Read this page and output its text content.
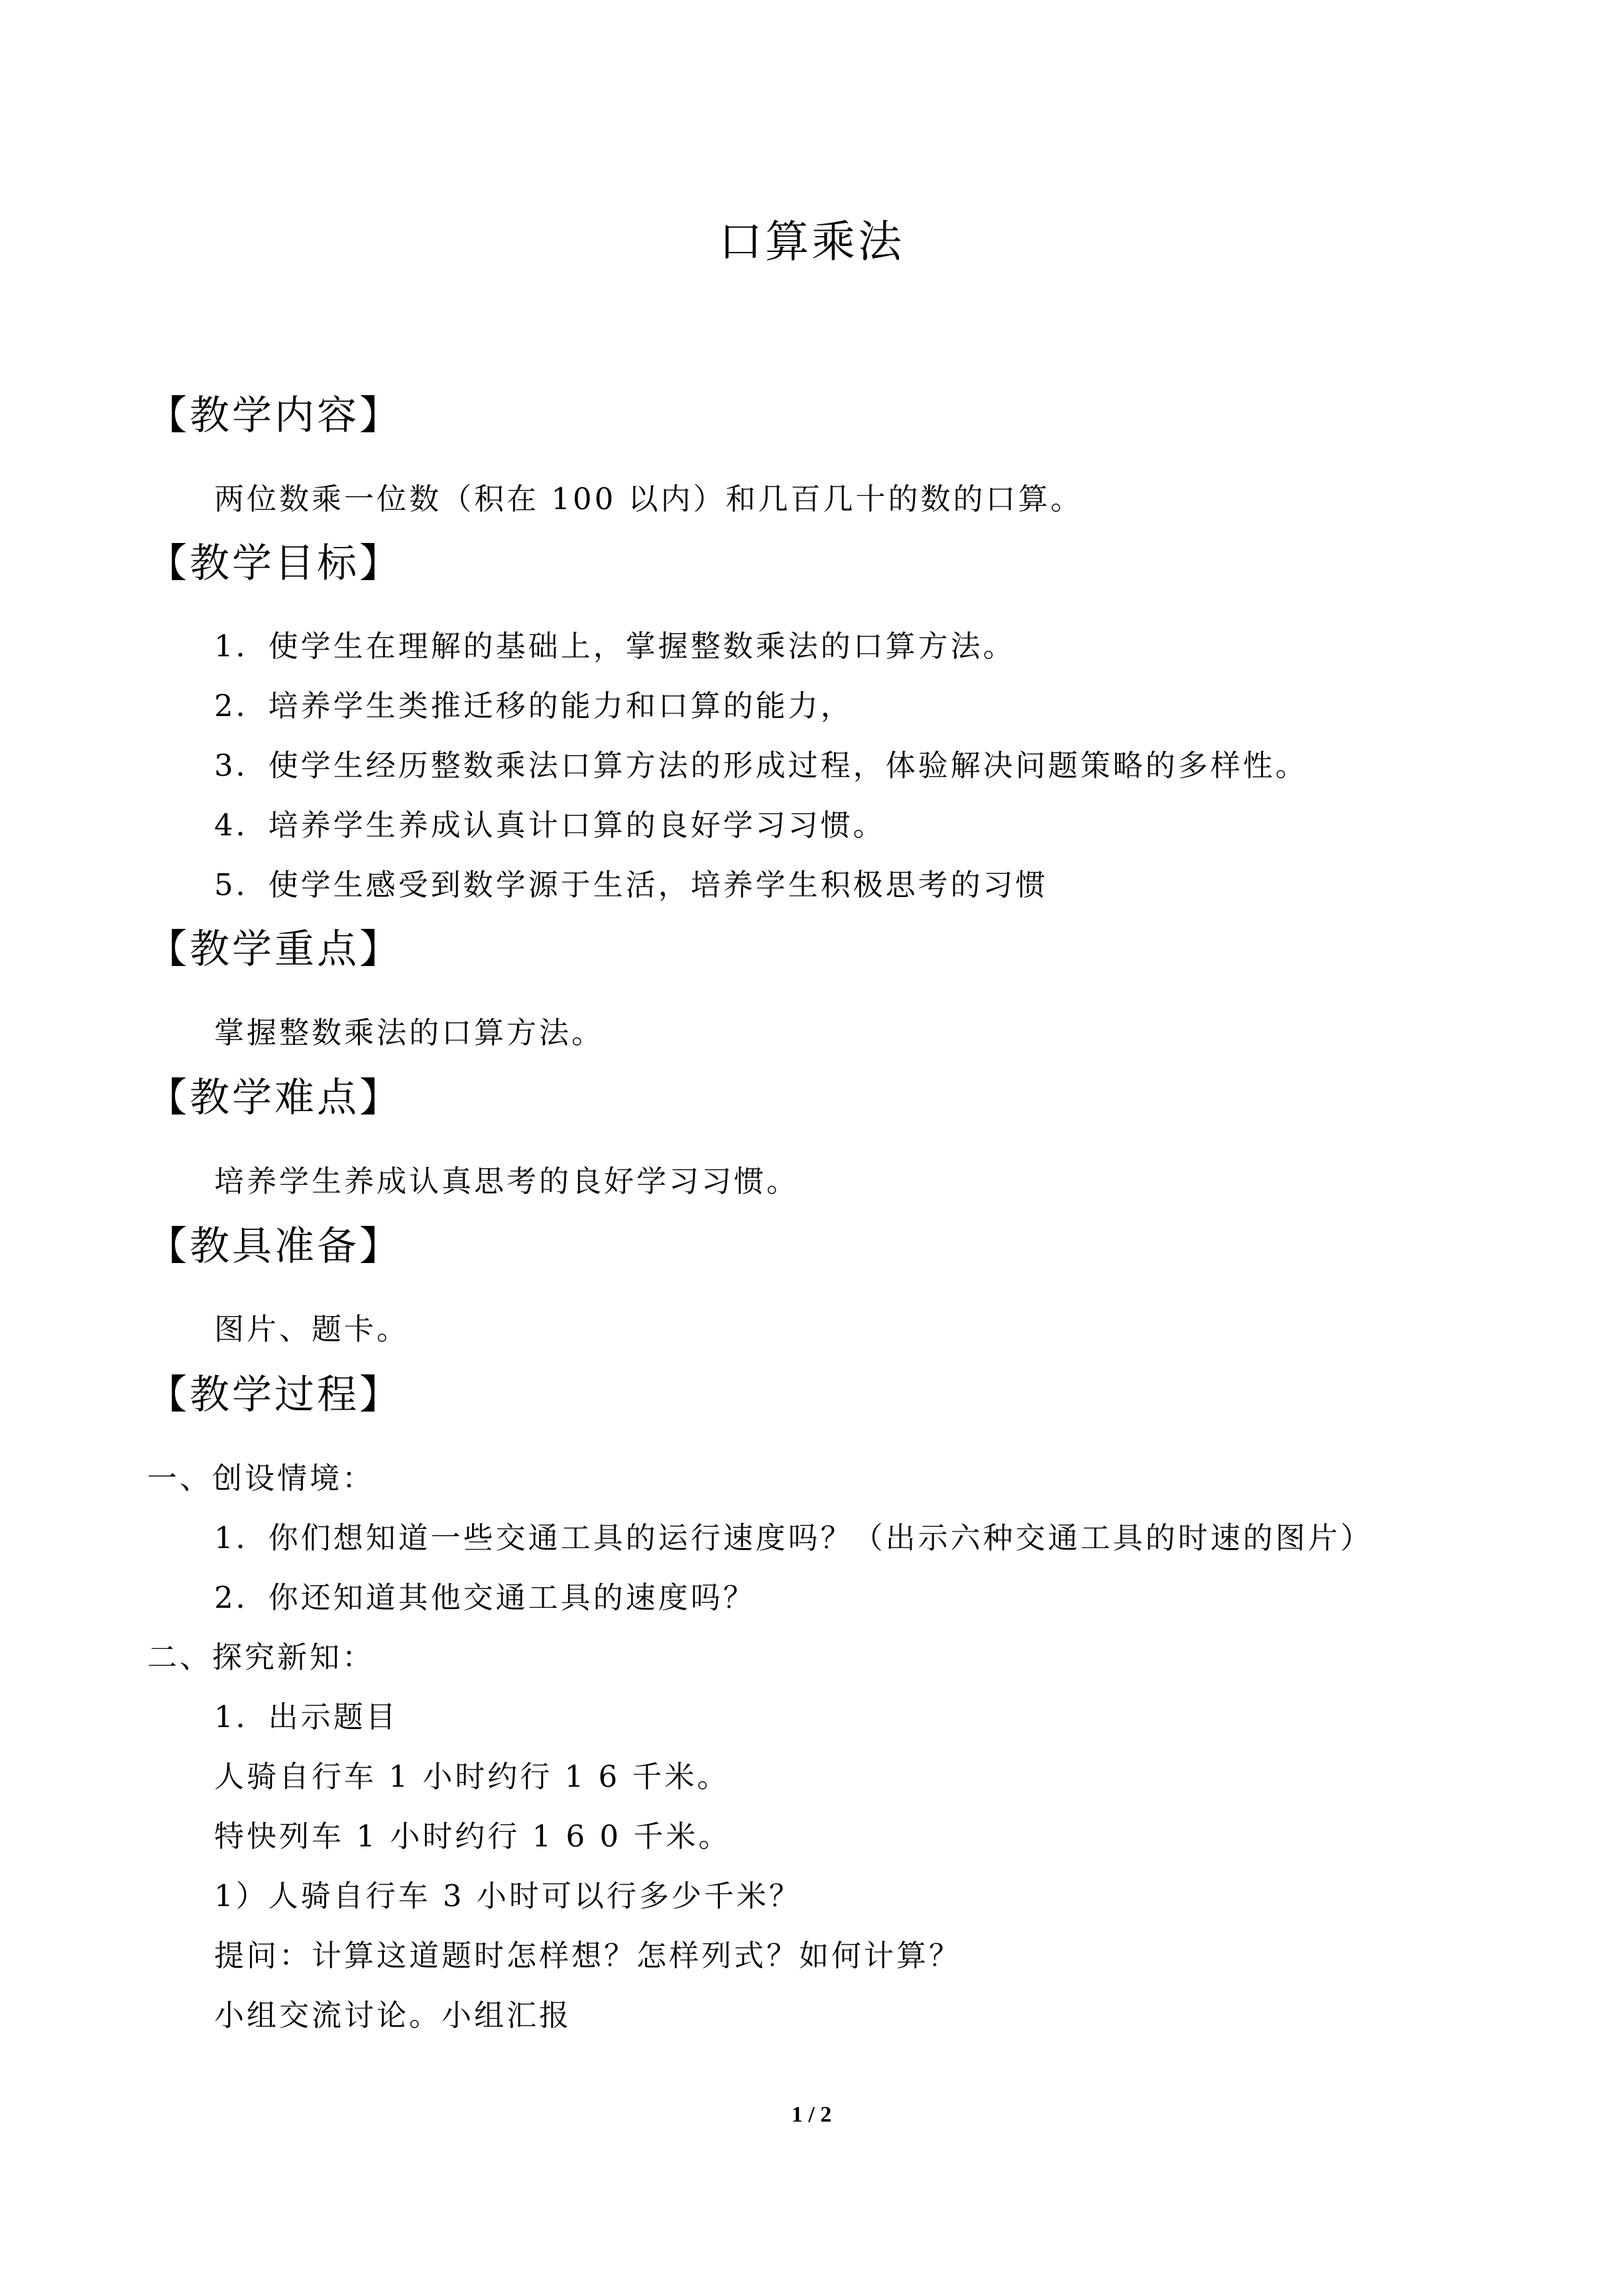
口算乘法
【教学内容】
两位数乘一位数（积在 100 以内）和几百几十的数的口算。
【教学目标】
1．使学生在理解的基础上，掌握整数乘法的口算方法。
2．培养学生类推迁移的能力和口算的能力，
3．使学生经历整数乘法口算方法的形成过程，体验解决问题策略的多样性。
4．培养学生养成认真计口算的良好学习习惯。
5．使学生感受到数学源于生活，培养学生积极思考的习惯
【教学重点】
掌握整数乘法的口算方法。
【教学难点】
培养学生养成认真思考的良好学习习惯。
【教具准备】
图片、题卡。
【教学过程】
一、创设情境：
1．你们想知道一些交通工具的运行速度吗？（出示六种交通工具的时速的图片）
2．你还知道其他交通工具的速度吗？
二、探究新知：
1．出示题目
人骑自行车 1 小时约行 1 6 千米。
特快列车 1 小时约行 1 6 0 千米。
1）人骑自行车 3 小时可以行多少千米？
提问：计算这道题时怎样想？怎样列式？如何计算？
小组交流讨论。小组汇报
1 / 2
